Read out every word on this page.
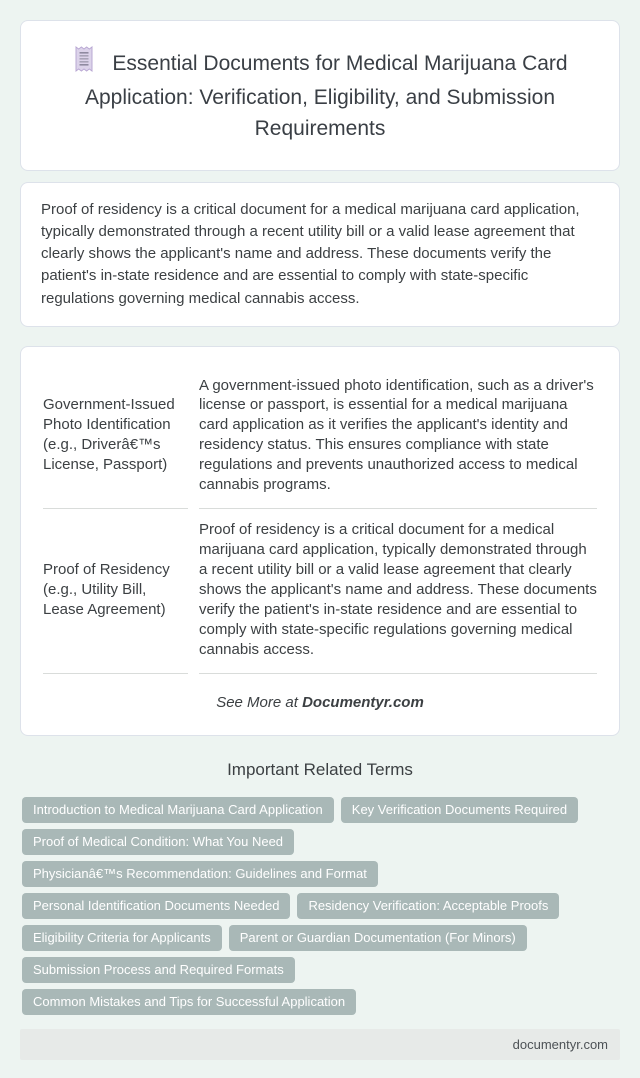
Essential Documents for Medical Marijuana Card Application: Verification, Eligibility, and Submission Requirements

Proof of residency is a critical document for a medical marijuana card application, typically demonstrated through a recent utility bill or a valid lease agreement that clearly shows the applicant's name and address. These documents verify the patient's in-state residence and are essential to comply with state-specific regulations governing medical cannabis access.

Government-Issued Photo Identification (e.g., Driverâ€™s License, Passport)
A government-issued photo identification, such as a driver's license or passport, is essential for a medical marijuana card application as it verifies the applicant's identity and residency status. This ensures compliance with state regulations and prevents unauthorized access to medical cannabis programs.
Proof of Residency (e.g., Utility Bill, Lease Agreement)
Proof of residency is a critical document for a medical marijuana card application, typically demonstrated through a recent utility bill or a valid lease agreement that clearly shows the applicant's name and address. These documents verify the patient's in-state residence and are essential to comply with state-specific regulations governing medical cannabis access.

See More at Documentyr.com

Important Related Terms
Introduction to Medical Marijuana Card Application	Key Verification Documents Required
Proof of Medical Condition: What You Need
Physicianâ€™s Recommendation: Guidelines and Format
Personal Identification Documents Needed	Residency Verification: Acceptable Proofs
Eligibility Criteria for Applicants	Parent or Guardian Documentation (For Minors)
Submission Process and Required Formats
Common Mistakes and Tips for Successful Application
documentyr.com
